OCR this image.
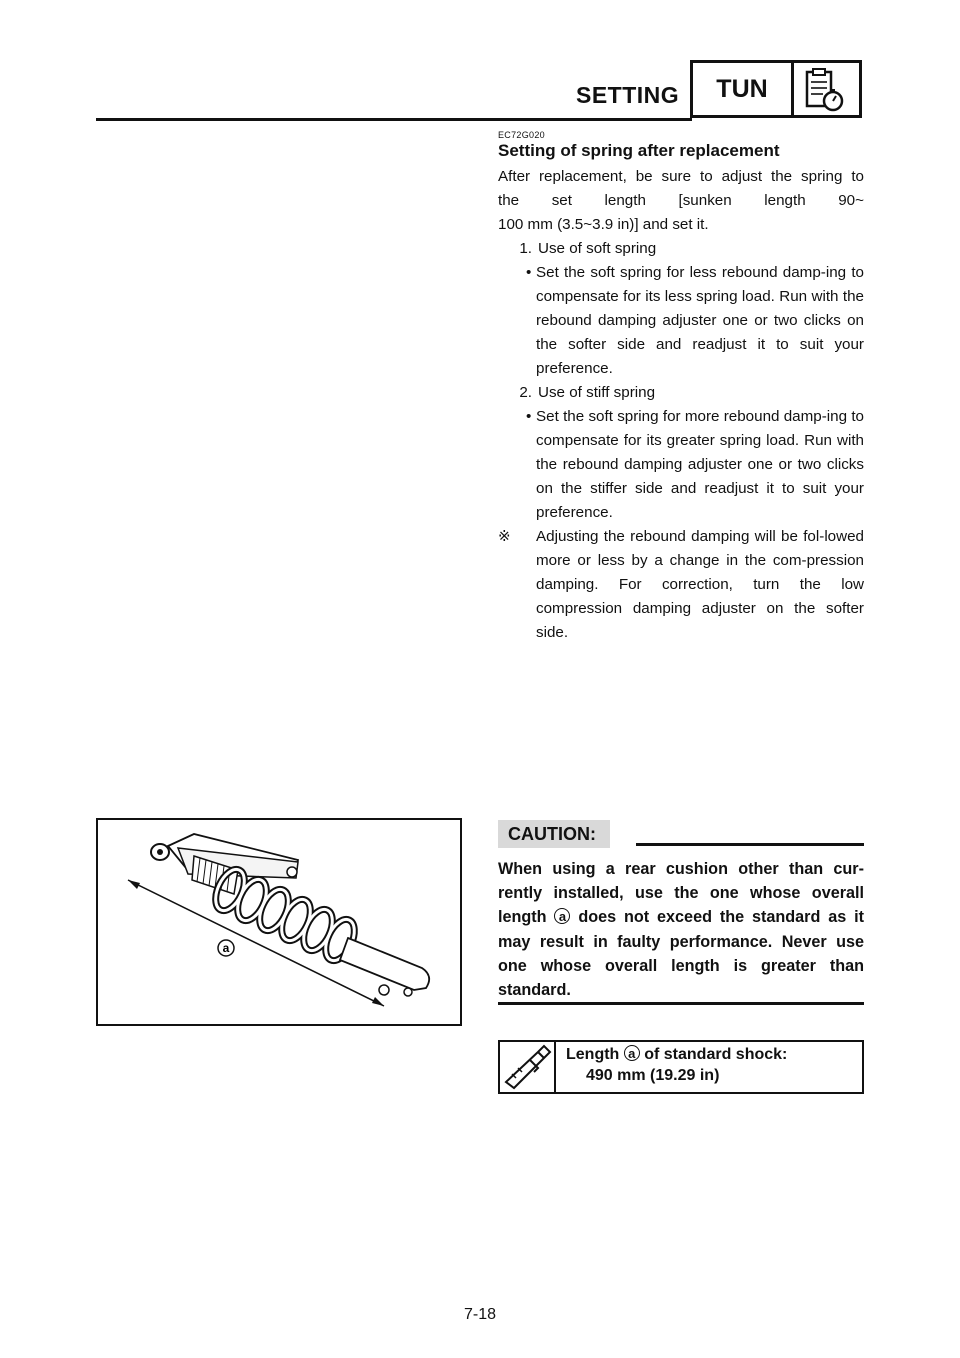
SETTING	TUN
EC72G020
Setting of spring after replacement
After replacement, be sure to adjust the spring to
the set length [sunken length 90~
100 mm (3.5~3.9 in)] and set it.
1. Use of soft spring
• Set the soft spring for less rebound damp-ing to compensate for its less spring load. Run with the rebound damping adjuster one or two clicks on the softer side and readjust it to suit your preference.
2. Use of stiff spring
• Set the soft spring for more rebound damp-ing to compensate for its greater spring load. Run with the rebound damping adjuster one or two clicks on the stiffer side and readjust it to suit your preference.
※	Adjusting the rebound damping will be fol-lowed more or less by a change in the com-pression damping. For correction, turn the low compression damping adjuster on the softer side.
a
CAUTION:
When using a rear cushion other than cur-rently installed, use the one whose overall length a does not exceed the standard as it may result in faulty performance. Never use one whose overall length is greater than standard.
Length a of standard shock:
490 mm (19.29 in)
7-18
